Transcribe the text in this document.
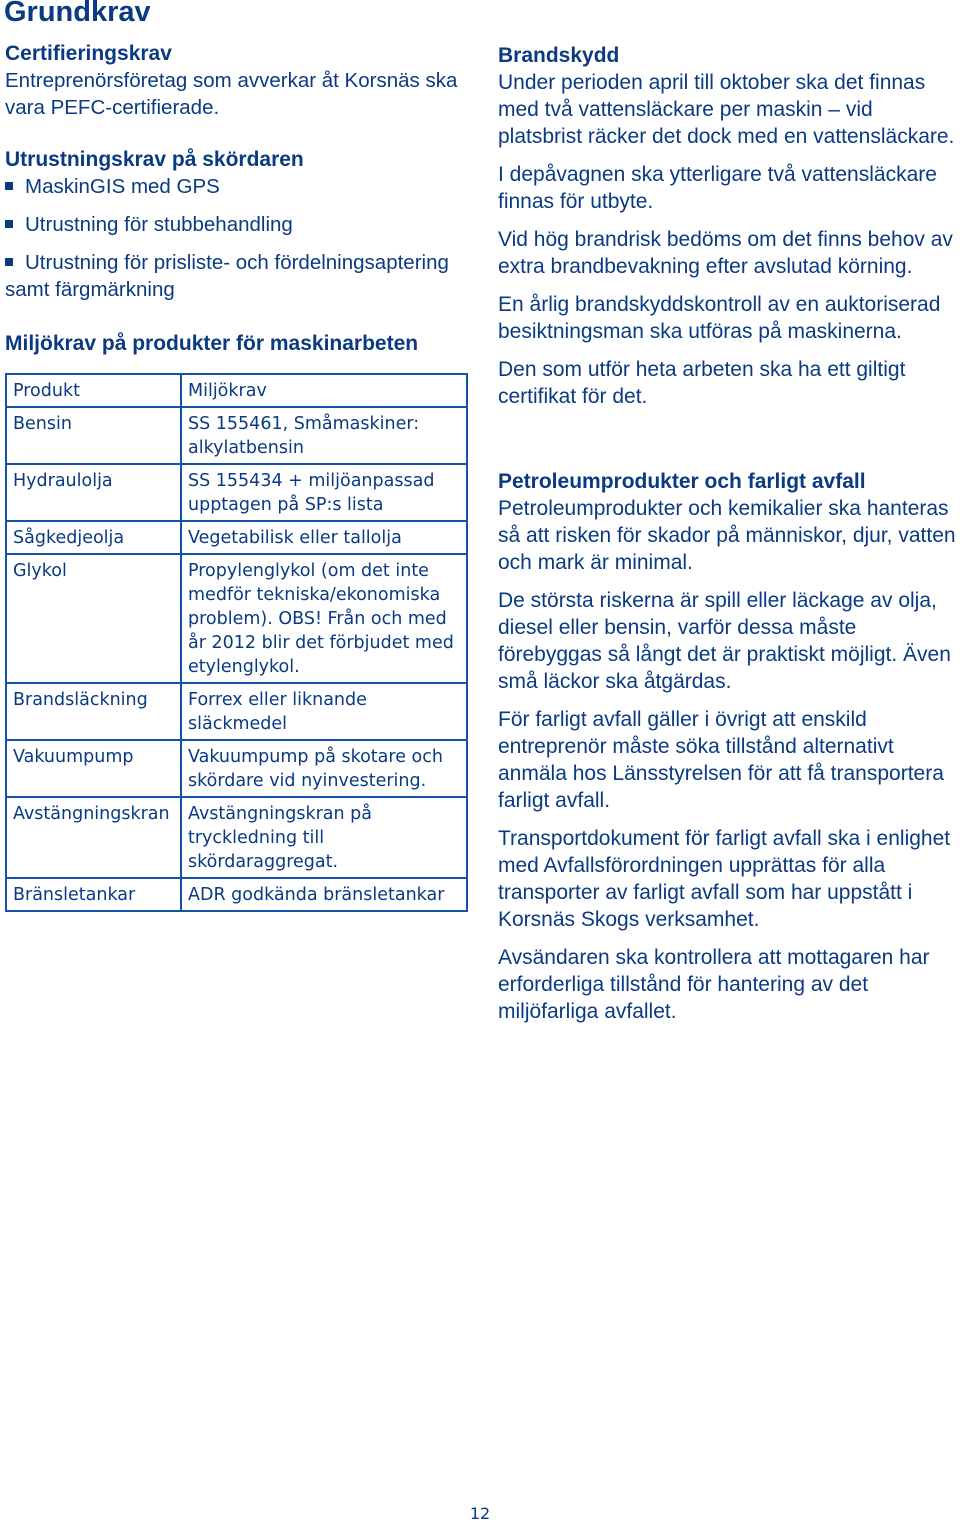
Grundkrav

Certifieringskrav

Entreprenörsföretag som avverkar åt Korsnäs ska vara PEFC-certifierade.

Utrustningskrav på skördaren

MaskinGIS med GPS
Utrustning för stubbehandling
Utrustning för prisliste- och fördelningsaptering samt färgmärkning

Miljökrav på produkter för maskinarbeten

Produkt	Miljökrav
Bensin	SS 155461, Småmaskiner: alkylatbensin
Hydraulolja	SS 155434 + miljöanpassad upptagen på SP:s lista
Sågkedjeolja	Vegetabilisk eller tallolja
Glykol	Propylenglykol (om det inte medför tekniska/ekonomiska problem). OBS! Från och med år 2012 blir det förbjudet med etylenglykol.
Brandsläckning	Forrex eller liknande släckmedel
Vakuumpump	Vakuumpump på skotare och skördare vid nyinvestering.
Avstängningskran	Avstängningskran på tryckledning till skördaraggregat.
Bränsletankar	ADR godkända bränsletankar

Brandskydd

Under perioden april till oktober ska det finnas med två vattensläckare per maskin – vid platsbrist räcker det dock med en vattensläckare.

I depåvagnen ska ytterligare två vattensläckare finnas för utbyte.

Vid hög brandrisk bedöms om det finns behov av extra brandbevakning efter avslutad körning.

En årlig brandskyddskontroll av en auktoriserad besiktningsman ska utföras på maskinerna.

Den som utför heta arbeten ska ha ett giltigt certifikat för det.

Petroleumprodukter och farligt avfall

Petroleumprodukter och kemikalier ska hanteras så att risken för skador på människor, djur, vatten och mark är minimal.

De största riskerna är spill eller läckage av olja, diesel eller bensin, varför dessa måste förebyggas så långt det är praktiskt möjligt. Även små läckor ska åtgärdas.

För farligt avfall gäller i övrigt att enskild entreprenör måste söka tillstånd alternativt anmäla hos Länsstyrelsen för att få transportera farligt avfall.

Transportdokument för farligt avfall ska i enlighet med Avfallsförordningen upprättas för alla transporter av farligt avfall som har uppstått i Korsnäs Skogs verksamhet.

Avsändaren ska kontrollera att mottagaren har erforderliga tillstånd för hantering av det miljöfarliga avfallet.

12
